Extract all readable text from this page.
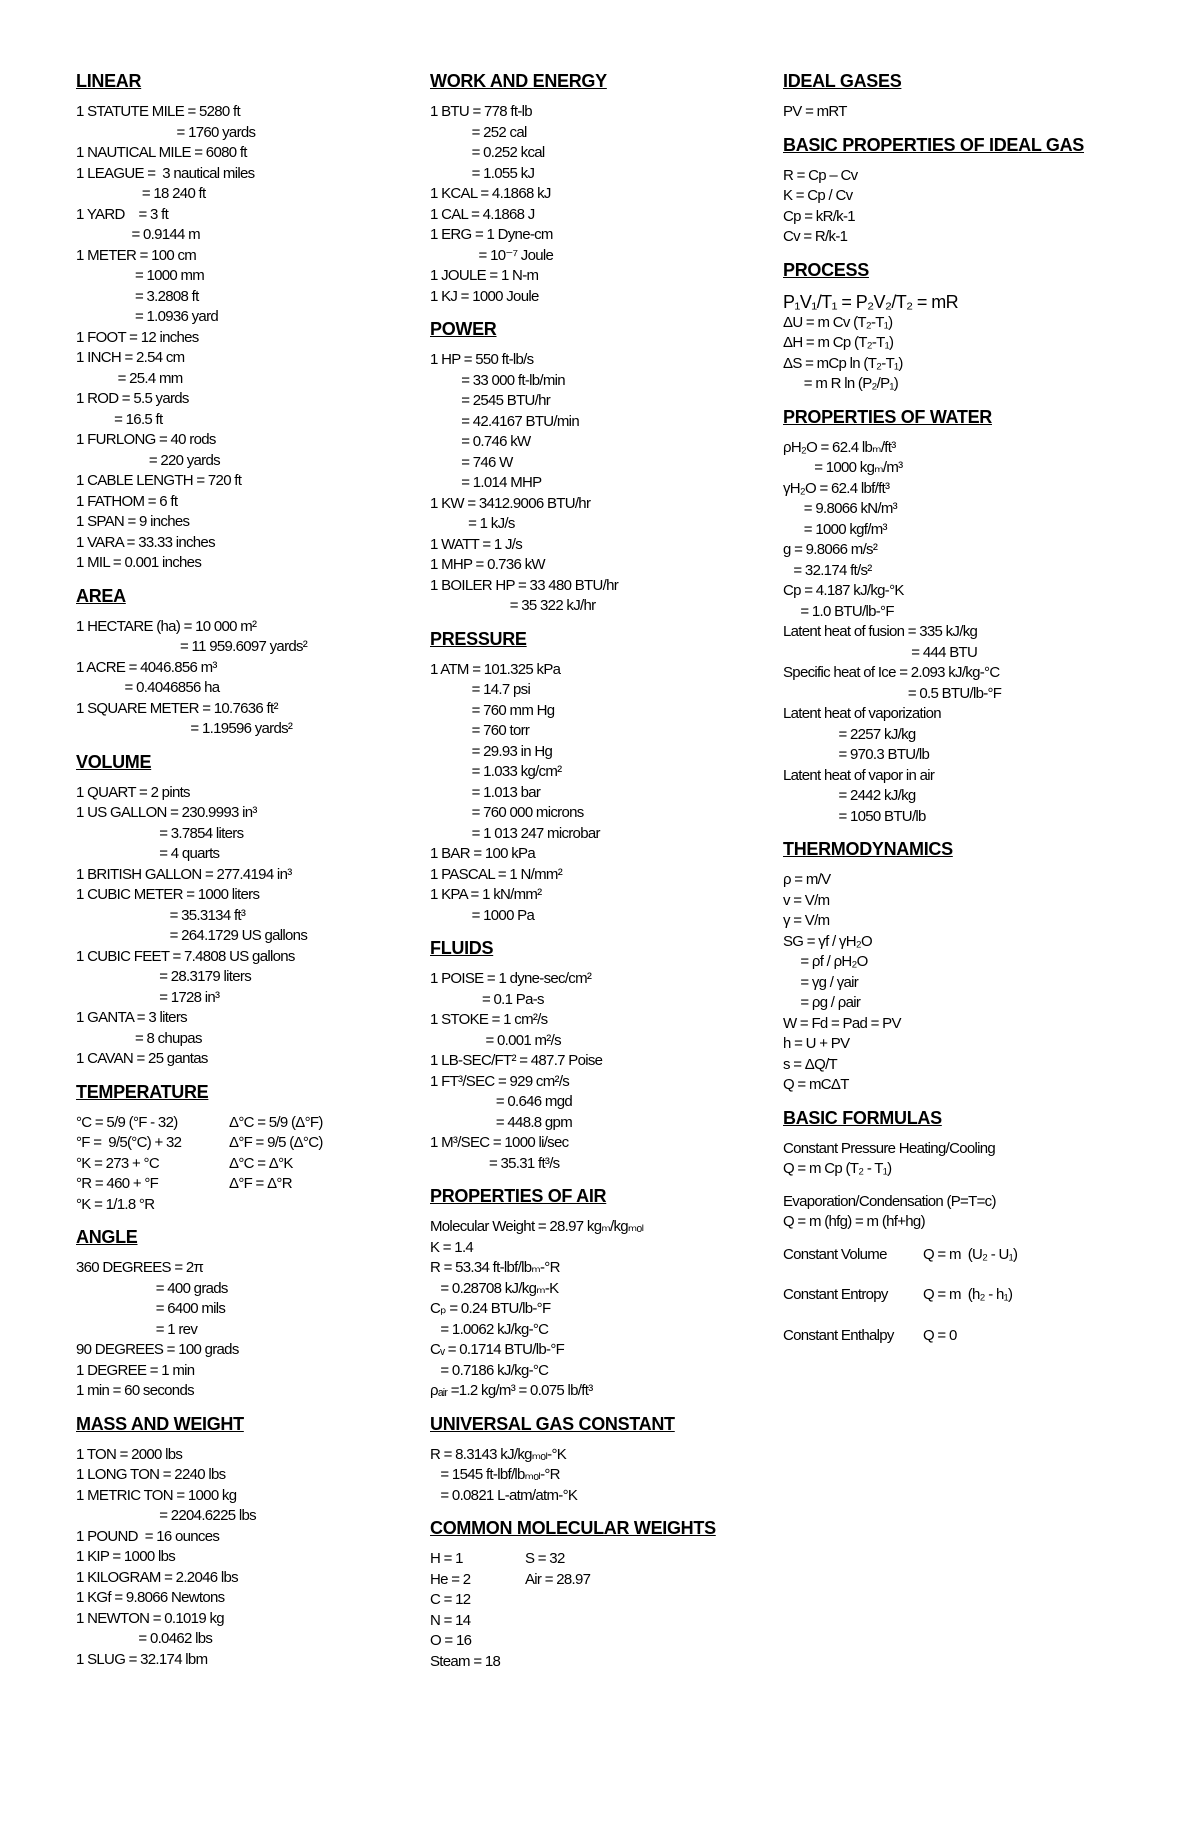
LINEAR
1 STATUTE MILE = 5280 ft
= 1760 yards
1 NAUTICAL MILE = 6080 ft
1 LEAGUE =  3 nautical miles
= 18 240 ft
1 YARD    = 3 ft
= 0.9144 m
1 METER = 100 cm
= 1000 mm
= 3.2808 ft
= 1.0936 yard
1 FOOT = 12 inches
1 INCH = 2.54 cm
= 25.4 mm
1 ROD = 5.5 yards
= 16.5 ft
1 FURLONG = 40 rods
= 220 yards
1 CABLE LENGTH = 720 ft
1 FATHOM = 6 ft
1 SPAN = 9 inches
1 VARA = 33.33 inches
1 MIL = 0.001 inches
AREA
1 HECTARE (ha) = 10 000 m²
= 11 959.6097 yards²
1 ACRE = 4046.856 m³
= 0.4046856 ha
1 SQUARE METER = 10.7636 ft²
= 1.19596 yards²
VOLUME
1 QUART = 2 pints
1 US GALLON = 230.9993 in³
= 3.7854 liters
= 4 quarts
1 BRITISH GALLON = 277.4194 in³
1 CUBIC METER = 1000 liters
= 35.3134 ft³
= 264.1729 US gallons
1 CUBIC FEET = 7.4808 US gallons
= 28.3179 liters
= 1728 in³
1 GANTA = 3 liters
= 8 chupas
1 CAVAN = 25 gantas
TEMPERATURE
°C = 5/9 (°F - 32)	Δ°C = 5/9 (Δ°F)
°F =  9/5(°C) + 32	Δ°F = 9/5 (Δ°C)
°K = 273 + °C	Δ°C = Δ°K
°R = 460 + °F	Δ°F = Δ°R
°K = 1/1.8 °R
ANGLE
360 DEGREES = 2π
= 400 grads
= 6400 mils
= 1 rev
90 DEGREES = 100 grads
1 DEGREE = 1 min
1 min = 60 seconds
MASS AND WEIGHT
1 TON = 2000 lbs
1 LONG TON = 2240 lbs
1 METRIC TON = 1000 kg
= 2204.6225 lbs
1 POUND  = 16 ounces
1 KIP = 1000 lbs
1 KILOGRAM = 2.2046 lbs
1 KGf = 9.8066 Newtons
1 NEWTON = 0.1019 kg
= 0.0462 lbs
1 SLUG = 32.174 lbm
WORK AND ENERGY
1 BTU = 778 ft-lb
= 252 cal
= 0.252 kcal
= 1.055 kJ
1 KCAL = 4.1868 kJ
1 CAL = 4.1868 J
1 ERG = 1 Dyne-cm
= 10⁻⁷ Joule
1 JOULE = 1 N-m
1 KJ = 1000 Joule
POWER
1 HP = 550 ft-lb/s
= 33 000 ft-lb/min
= 2545 BTU/hr
= 42.4167 BTU/min
= 0.746 kW
= 746 W
= 1.014 MHP
1 KW = 3412.9006 BTU/hr
= 1 kJ/s
1 WATT = 1 J/s
1 MHP = 0.736 kW
1 BOILER HP = 33 480 BTU/hr
= 35 322 kJ/hr
PRESSURE
1 ATM = 101.325 kPa
= 14.7 psi
= 760 mm Hg
= 760 torr
= 29.93 in Hg
= 1.033 kg/cm²
= 1.013 bar
= 760 000 microns
= 1 013 247 microbar
1 BAR = 100 kPa
1 PASCAL = 1 N/mm²
1 KPA = 1 kN/mm²
= 1000 Pa
FLUIDS
1 POISE = 1 dyne-sec/cm²
= 0.1 Pa-s
1 STOKE = 1 cm²/s
= 0.001 m²/s
1 LB-SEC/FT² = 487.7 Poise
1 FT³/SEC = 929 cm²/s
= 0.646 mgd
= 448.8 gpm
1 M³/SEC = 1000 li/sec
= 35.31 ft³/s
PROPERTIES OF AIR
Molecular Weight = 28.97 kgₘ/kgₘₒₗ
K = 1.4
R = 53.34 ft-lbf/lbₘ-°R
= 0.28708 kJ/kgₘ-K
Cₚ = 0.24 BTU/lb-°F
= 1.0062 kJ/kg-°C
Cᵥ = 0.1714 BTU/lb-°F
= 0.7186 kJ/kg-°C
ρₐᵢᵣ =1.2 kg/m³ = 0.075 lb/ft³
UNIVERSAL GAS CONSTANT
R = 8.3143 kJ/kgₘₒₗ-°K
= 1545 ft-lbf/lbₘₒₗ-°R
= 0.0821 L-atm/atm-°K
COMMON MOLECULAR WEIGHTS
H = 1	S = 32
He = 2	Air = 28.97
C = 12
N = 14
O = 16
Steam = 18
IDEAL GASES
PV = mRT
BASIC PROPERTIES OF IDEAL GAS
R = Cp – Cv
K = Cp / Cv
Cp = kR/k-1
Cv = R/k-1
PROCESS
P₁V₁/T₁ = P₂V₂/T₂ = mR
ΔU = m Cv (T₂-T₁)
ΔH = m Cp (T₂-T₁)
ΔS = mCp ln (T₂-T₁)
= m R ln (P₂/P₁)
PROPERTIES OF WATER
ρH₂O = 62.4 lbₘ/ft³
= 1000 kgₘ/m³
γH₂O = 62.4 lbf/ft³
= 9.8066 kN/m³
= 1000 kgf/m³
g = 9.8066 m/s²
= 32.174 ft/s²
Cp = 4.187 kJ/kg-°K
= 1.0 BTU/lb-°F
Latent heat of fusion = 335 kJ/kg
= 444 BTU
Specific heat of Ice = 2.093 kJ/kg-°C
= 0.5 BTU/lb-°F
Latent heat of vaporization
= 2257 kJ/kg
= 970.3 BTU/lb
Latent heat of vapor in air
= 2442 kJ/kg
= 1050 BTU/lb
THERMODYNAMICS
ρ = m/V
v = V/m
γ = V/m
SG = γf / γH₂O
= ρf / ρH₂O
= γg / γair
= ρg / ρair
W = Fd = Pad = PV
h = U + PV
s = ΔQ/T
Q = mCΔT
BASIC FORMULAS
Constant Pressure Heating/Cooling
Q = m Cp (T₂ - T₁)
Evaporation/Condensation (P=T=c)
Q = m (hfg) = m (hf+hg)
Constant Volume	Q = m  (U₂ - U₁)
Constant Entropy	Q = m  (h₂ - h₁)
Constant Enthalpy	Q = 0
